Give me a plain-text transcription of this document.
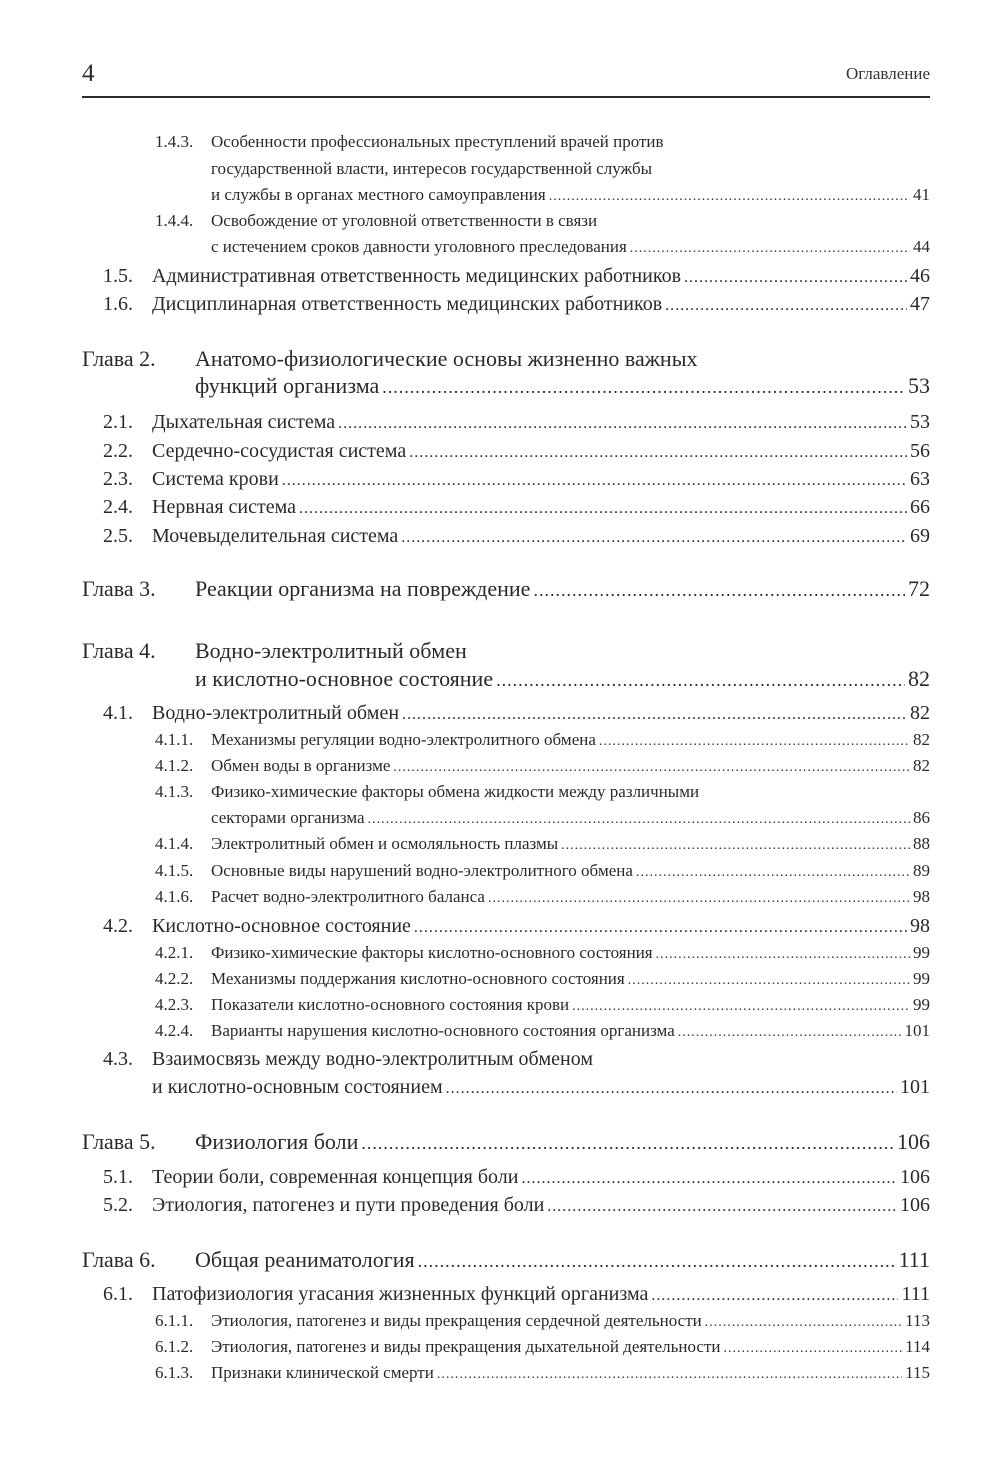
4	Оглавление
1.4.3. Особенности профессиональных преступлений врачей против
государственной власти, интересов государственной службы
и службы в органах местного самоуправления .....	41
1.4.4. Освобождение от уголовной ответственности в связи
с истечением сроков давности уголовного преследования .....	44
1.5. Административная ответственность медицинских работников .....	46
1.6. Дисциплинарная ответственность медицинских работников .....	47
Глава 2. Анатомо-физиологические основы жизненно важных
функций организма .....	53
2.1. Дыхательная система .....	53
2.2. Сердечно-сосудистая система .....	56
2.3. Система крови .....	63
2.4. Нервная система .....	66
2.5. Мочевыделительная система .....	69
Глава 3. Реакции организма на повреждение .....	72
Глава 4. Водно-электролитный обмен
и кислотно-основное состояние .....	82
4.1. Водно-электролитный обмен .....	82
4.1.1. Механизмы регуляции водно-электролитного обмена .....	82
4.1.2. Обмен воды в организме .....	82
4.1.3. Физико-химические факторы обмена жидкости между различными
секторами организма .....	86
4.1.4. Электролитный обмен и осмоляльность плазмы .....	88
4.1.5. Основные виды нарушений водно-электролитного обмена .....	89
4.1.6. Расчет водно-электролитного баланса .....	98
4.2. Кислотно-основное состояние .....	98
4.2.1. Физико-химические факторы кислотно-основного состояния .....	99
4.2.2. Механизмы поддержания кислотно-основного состояния .....	99
4.2.3. Показатели кислотно-основного состояния крови .....	99
4.2.4. Варианты нарушения кислотно-основного состояния организма .....	101
4.3. Взаимосвязь между водно-электролитным обменом
и кислотно-основным состоянием .....	101
Глава 5. Физиология боли .....	106
5.1. Теории боли, современная концепция боли .....	106
5.2. Этиология, патогенез и пути проведения боли .....	106
Глава 6. Общая реаниматология .....	111
6.1. Патофизиология угасания жизненных функций организма .....	111
6.1.1. Этиология, патогенез и виды прекращения сердечной деятельности .....	113
6.1.2. Этиология, патогенез и виды прекращения дыхательной деятельности .....	114
6.1.3. Признаки клинической смерти .....	115
